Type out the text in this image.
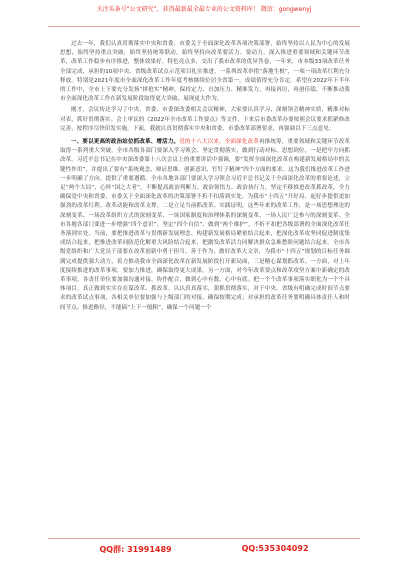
关注头条号“公文研究”，获得最新最全最专业的公文资料库！ 微信：gongwenyj

过去一年，我们认真贯彻落实中央和省委、市委关于全面深化改革各项决策部署，始终坚持以人民为中心的发展思想，始终坚持重点突破，始终坚持统筹联动，始终坚持向改革要活力、要动力，深入推进重要领域和关键环节改革，改革工作稳步有序推进，整体效果好、特色亮点多，交出了我市改革的优异答卷。一年来，市本级33项改革任务全部完成，承担的10项中央、省级改革试点示范项目扎实推进，一系列改革举措“落地生根”，一项一项改革红利充分释放。特别是2021年度市全面深化改革工作年度考核继续位居全省第一，成绩值得充分肯定。希望在2022年下半年的工作中，全市上下要充分发扬“拼抢实”精神，保持定力、自加压力、精准发力，再接再厉，再创佳绩，不断推动我市全面深化改革工作在新发展阶段取得更大突破、展现更大作为。

刚才，会议传达学习了中央、省委、市委深改委相关会议精神，大家要认真学习、深刻领会精神实质，精准对标对表，抓好贯彻落实。会上审议的《2022年全市改革工作要点》等文件，下来后市委改革办要按照会议要求抓紧修改完善，按程序尽快印发实施。下面，我就认真贯彻落实中央和省委、市委改革部署要求，再强调以下三点意见：

一、要以更高的政治站位抓改革、增活力。党的十八大以来，全面深化改革再推统筹，重要领域和关键环节改革取得一系列重大突破。全市各级各部门要深入学习领会、坚定贯彻落实，做到行动对标、思想到位，一是把牢方向抓改革。习近平总书记在中央深改委第十八次会议上的重要讲话中强调，要“发挥全面深化改革在构建新发展格局中的关键性作用”，并提出了要有“系统观念、辩证思维、创新意识、钉钉子精神”四个方面的要求。这为我们推进改革工作进一步明确了方向、提供了重要遵循。全市各地各部门要深入学习领会习近平总书记关于全面深化改革的重要论述，立足“两个大局”、心怀“国之大者”，不断提高政治判断力、政治领悟力、政治执行力，坚定不移推进改革抓改革，全力确保党中央和省委、市委关于全面深化改革的决策部署不折不扣落到实处，为我市“十四五”开好局、起好步提供更加强劲的改革红利、改革动能和改革支撑。二是立足当前抓改革。实践证明，这些年来的改革工作，是一场思想理论的深刻变革、一场改革组织方式的深刻变革、一场国家制度和治理体系的深刻变革、一场人民广泛参与的深刻变革。全市各地各部门要进一步增强“四个意识”、坚定“四个自信”、做到“两个维护”，不折不扣把各级部署的全面深化改革任务落到实处。当前，要把推进改革与贯彻新发展理念、构建新发展格局紧密结合起来，把深化改革攻坚同促进制度集成结合起来，把推进改革同防范化解重大风险结合起来，把激发改革活力同解决群众急难愁盼问题结合起来。全市各级党组织和广大党员干部要在改革创新中勇于担当、善于作为，做好改革大文章，为我市“十四五”规划的目标任务圆满完成提供强大动力，着力推动我市全面深化改革在新发展阶段打开新局面，三是精心谋划抓改革。一方面，对上年度接续推进的改革事项，要加力推进，确保取得更大成果。另一方面，对今年改革要点和改革攻坚方案中新确定的改革事项，各责任单位要加强沟通对接、协作配合，做到心中有数、心中有底。把一个个改革事项落实细化为一个个具体项目，真正做到实实在在谋改革、抓改革。认认真真落实，狠抓贯彻落实，对于中央、省级有明确完成时间节点要求的改革试点事项，各相关单位要加强与上级部门的对接，确保按期完成；对承担的改革任务要明确具体责任人和时间节点、推进路径，不能搞“上下一般粗”，确保一个问题一个

QQ群: 31991489	QQ:535304092
